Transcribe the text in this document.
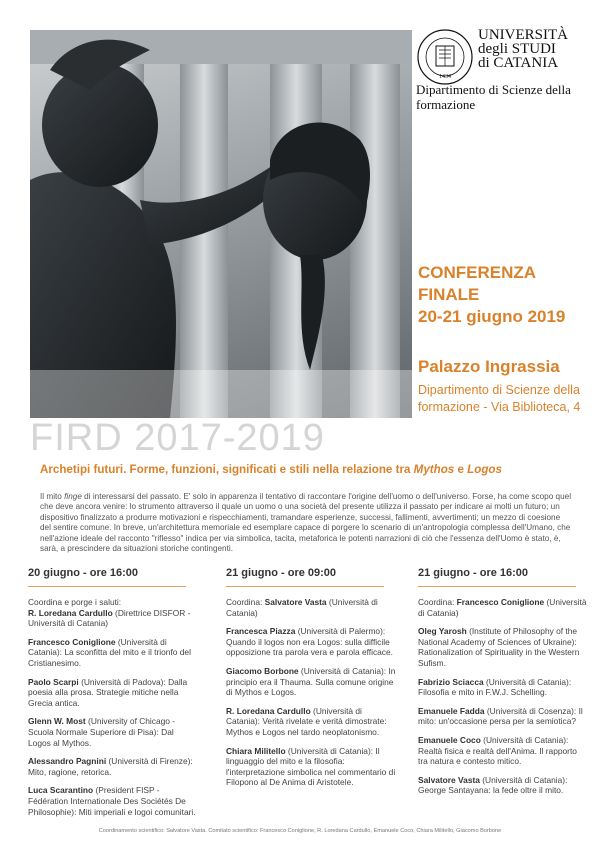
1434
UNIVERSITÀ
degli STUDI
di CATANIA
Dipartimento di Scienze della formazione
CONFERENZA
FINALE
20-21 giugno 2019
Palazzo Ingrassia
Dipartimento di Scienze della formazione - Via Biblioteca, 4
FIRD 2017-2019
Archetipi futuri. Forme, funzioni, significati e stili nella relazione tra Mythos e Logos
Il mito finge di interessarsi del passato. E' solo in apparenza il tentativo di raccontare l'origine dell'uomo o dell'universo. Forse, ha come scopo quel che deve ancora venire: lo strumento attraverso il quale un uomo o una società del presente utilizza il passato per indicare ai molti un futuro; un dispositivo finalizzato a produrre motivazioni e rispecchiamenti, tramandare esperienze, successi, fallimenti, avvertimenti; un mezzo di coesione del sentire comune. In breve, un'architettura memoriale ed esemplare capace di porgere lo scenario di un'antropologia complessa dell'Umano, che nell'azione ideale del racconto "riflesso" indica per via simbolica, tacita, metaforica le potenti narrazioni di ciò che l'essenza dell'Uomo è stato, è, sarà, a prescindere da situazioni storiche contingenti.
20 giugno - ore 16:00
Coordina e porge i saluti:
R. Loredana Cardullo (Direttrice DISFOR - Università di Catania)
Francesco Coniglione (Università di Catania): La sconfitta del mito e il trionfo del Cristianesimo.
Paolo Scarpi (Università di Padova): Dalla poesia alla prosa. Strategie mitiche nella Grecia antica.
Glenn W. Most (University of Chicago - Scuola Normale Superiore di Pisa): Dal Logos al Mythos.
Alessandro Pagnini (Università di Firenze): Mito, ragione, retorica.
Luca Scarantino (President FISP - Fédération Internationale Des Sociétés De Philosophie): Miti imperiali e logoi comunitari.
21 giugno - ore 09:00
Coordina: Salvatore Vasta (Università di Catania)
Francesca Piazza (Università di Palermo): Quando il logos non era Logos: sulla difficile opposizione tra parola vera e parola efficace.
Giacomo Borbone (Università di Catania): In principio era il Thauma. Sulla comune origine di Mythos e Logos.
R. Loredana Cardullo (Università di Catania): Verità rivelate e verità dimostrate: Mythos e Logos nel tardo neoplatonismo.
Chiara Militello (Università di Catania): Il linguaggio del mito e la filosofia: l'interpretazione simbolica nel commentario di Filopono al De Anima di Aristotele.
21 giugno - ore 16:00
Coordina: Francesco Coniglione (Università di Catania)
Oleg Yarosh (Institute of Philosophy of the National Academy of Sciences of Ukraine): Rationalization of Spirituality in the Western Sufism.
Fabrizio Sciacca (Università di Catania): Filosofia e mito in F.W.J. Schelling.
Emanuele Fadda (Università di Cosenza): Il mito: un'occasione persa per la semiotica?
Emanuele Coco (Università di Catania): Realtà fisica e realtà dell'Anima. Il rapporto tra natura e contesto mitico.
Salvatore Vasta (Università di Catania): George Santayana: la fede oltre il mito.
Coordinamento scientifico: Salvatore Vasta. Comitato scientifico: Francesco Coniglione, R. Loredana Cardullo, Emanuele Coco, Chiara Militello, Giacomo Borbone
